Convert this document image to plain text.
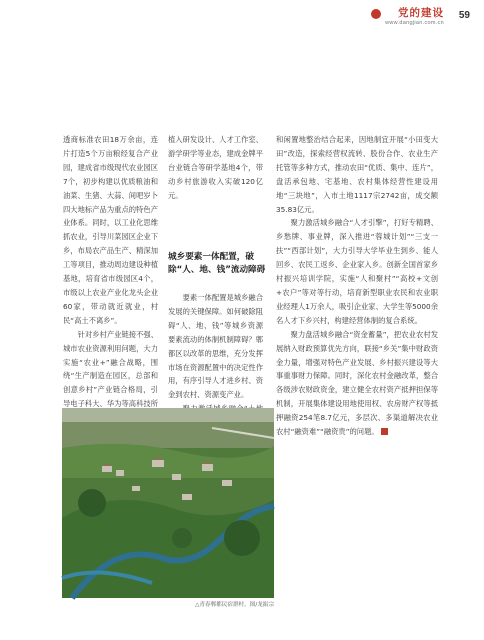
党的建设
www.dangjian.com.cn
59

透商标准农田18万余亩，连片打造5个万亩粮经复合产业园，建成省市级现代农业园区7个，初步构建以优质粮油和油菜、生猪、大蒜、间吧岁卜四大地标产品为重点的特色产业体系。同时，以工业化思维抓农业，引导川菜园区企业下乡，布局农产品生产、精深加工等项目，推动周边建设种植基地，培育省市级园区4个，市级以上农业产业化龙头企业60家，带动就近就业，村民“高土不离乡”。

针对乡村产业链接不强、城市农业资源利用问题，大力实施“农业+”融合战略，围绕“生产制造在园区，总部和创意乡村”产业链合格局，引导电子科大、华为等高科技所

植入研发设计、人才工作室、游学研学等业态，建成金牌平台业链合等研学基地4个，带动乡村旅游收入实破120亿元。

城乡要素一体配置，破除“人、地、钱”流动障碍

要素一体配置是城乡融合发展的关键保障。如何破除阻碍“人、地、钱”等城乡资源要素流动的体制机制障碍？郫都区以改革的思维，充分发挥市场在资源配置中的决定性作用，有序引导人才进乡村、资金到农村、资源变产业。

和闲置地整治结合起来，因地制宜开展“小田变大田”改造，探索经营权流转、股份合作、农业生产托管等多种方式，推动农田“优质、集中、连片”，盘活承包地、宅基地、农村集体经营性建设用地“三块地”，入市土地1117宗2742亩，成交额35.83亿元。

聚力激活城乡融合“人才引擎”，打好专精聘、乡愁牌、事业牌，深入推进“蓉城计划”“三支一扶”“西部计划”，大力引导大学毕业生到乡、能人回乡、农民工返乡、企业家入乡。创新全国首家乡村振兴培训学院，实施“人和聚村”“高校+文创+农户”等对等行动，培育新型职业农民和农业职业经理人1万余人，吸引企业家、大学生等5000余名人才下乡兴村，构建经营体制的复合系统。

聚力盘活城乡融合“资金蓄量”，把农业农村发展纳入财政预算优先方向，联接“乡关”集中财政资金力量，增强对特色产业发展、乡村振兴建设等大事重事财力保障。同时，深化农村金融改革，整合各级涉农财政资金，建立健全农村资产抵押担保等机制，开展集体建设用地使用权、农房财产权等抵押融资254笔8.7亿元，多层次、多渠道解决农业农村“融资难”“融资贵”的问题。

△青春郫都民宿群村。图/龙振宗
